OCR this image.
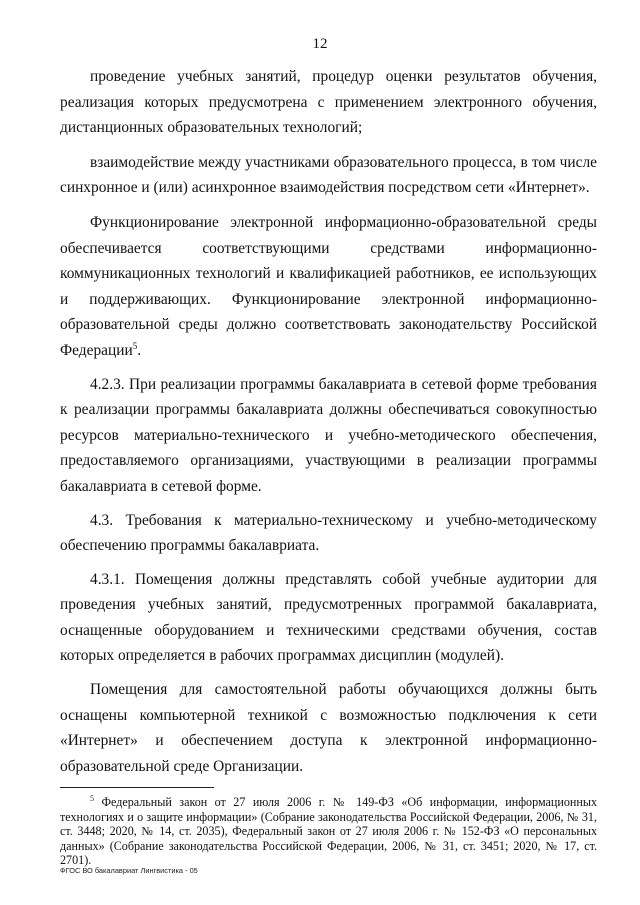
12

проведение учебных занятий, процедур оценки результатов обучения, реализация которых предусмотрена с применением электронного обучения, дистанционных образовательных технологий;

взаимодействие между участниками образовательного процесса, в том числе синхронное и (или) асинхронное взаимодействия посредством сети «Интернет».

Функционирование электронной информационно-образовательной среды обеспечивается соответствующими средствами информационно-коммуникационных технологий и квалификацией работников, ее использующих и поддерживающих. Функционирование электронной информационно-образовательной среды должно соответствовать законодательству Российской Федерации$^5$.

4.2.3. При реализации программы бакалавриата в сетевой форме требования к реализации программы бакалавриата должны обеспечиваться совокупностью ресурсов материально-технического и учебно-методического обеспечения, предоставляемого организациями, участвующими в реализации программы бакалавриата в сетевой форме.

4.3. Требования к материально-техническому и учебно-методическому обеспечению программы бакалавриата.

4.3.1. Помещения должны представлять собой учебные аудитории для проведения учебных занятий, предусмотренных программой бакалавриата, оснащенные оборудованием и техническими средствами обучения, состав которых определяется в рабочих программах дисциплин (модулей).

Помещения для самостоятельной работы обучающихся должны быть оснащены компьютерной техникой с возможностью подключения к сети «Интернет» и обеспечением доступа к электронной информационно-образовательной среде Организации.

$^5$ Федеральный закон от 27 июля 2006 г. № 149-ФЗ «Об информации, информационных технологиях и о защите информации» (Собрание законодательства Российской Федерации, 2006, № 31, ст. 3448; 2020, № 14, ст. 2035), Федеральный закон от 27 июля 2006 г. № 152-ФЗ «О персональных данных» (Собрание законодательства Российской Федерации, 2006, № 31, ст. 3451; 2020, № 17, ст. 2701).
ФГОС ВО бакалавриат Лингвистика - 05
